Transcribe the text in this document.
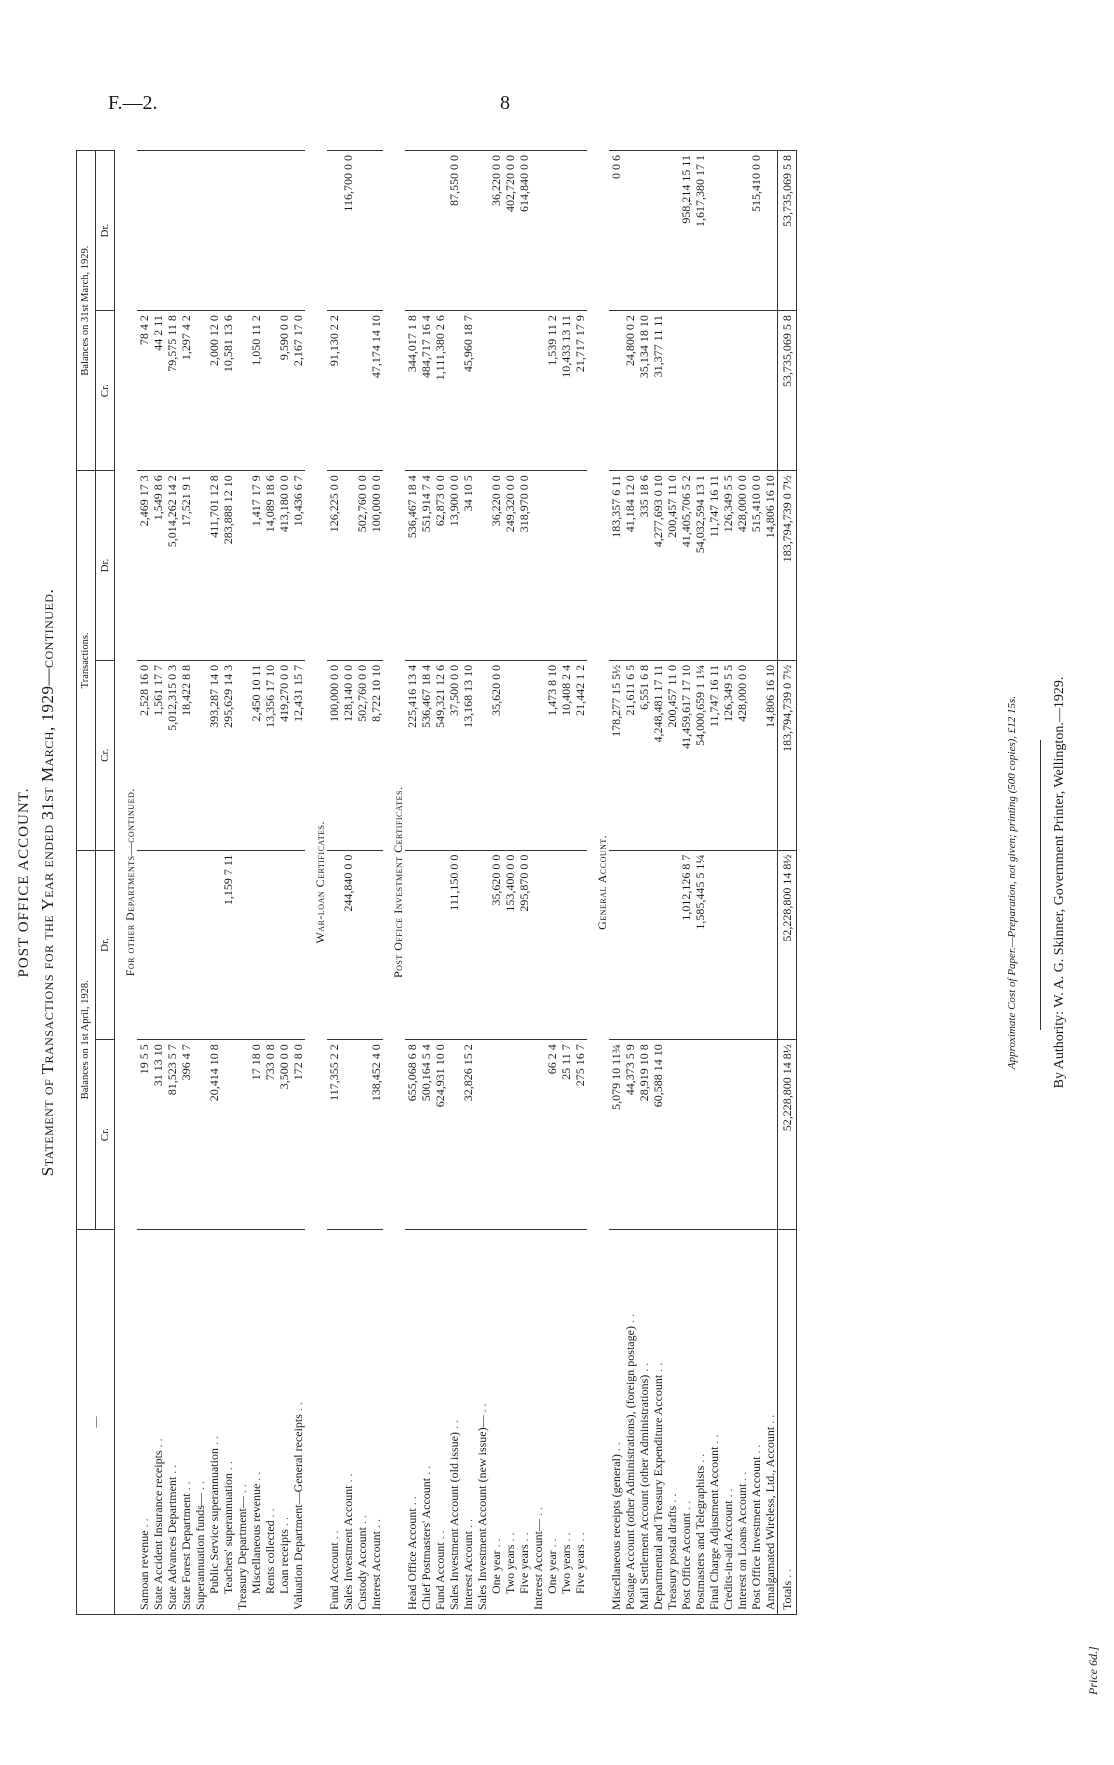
F.—2.	8
POST OFFICE ACCOUNT. Statement of Transactions for the Year ended 31st March, 1929—continued.
—	Balances on 1st April, 1928.		Transactions.		Balances on 31st March, 1929.	
	Cr.	Dr.	Cr.	Dr.	Cr.	Dr.
For other Departments—continued.						
Samoan revenue . .	19 5 5		2,528 16 0	2,469 17 3	78 4 2	
State Accident Insurance receipts . .	31 13 10		1,561 17 7	1,549 8 6	44 2 11	
State Advances Department . .	81,523 5 7		5,012,315 0 3	5,014,262 14 2	79,575 11 8	
State Forest Department . .	396 4 7		18,422 8 8	17,521 9 1	1,297 4 2	
Superannuation funds— . .						
Public Service superannuation . .	20,414 10 8		393,287 14 0	411,701 12 8	2,000 12 0	
Teachers' superannuation . .		1,159 7 11	295,629 14 3	283,888 12 10	10,581 13 6	
Treasury Department— . .						
Miscellaneous revenue . .	17 18 0		2,450 10 11	1,417 17 9	1,050 11 2	
Rents collected . .	733 0 8		13,356 17 10	14,089 18 6		
Loan receipts . .	3,500 0 0		419,270 0 0	413,180 0 0	9,590 0 0	
Valuation Department—General receipts . .	172 8 0		12,431 15 7	10,436 6 7	2,167 17 0	
War-loan Certificates.						
Fund Account . .	117,355 2 2		100,000 0 0	126,225 0 0	91,130 2 2	
Sales Investment Account . .		244,840 0 0	128,140 0 0			116,700 0 0
Custody Account . .			502,760 0 0	502,760 0 0		
Interest Account . .	138,452 4 0		8,722 10 10	100,000 0 0	47,174 14 10	
Post Office Investment Certificates.						
Head Office Account . .	655,068 6 8		225,416 13 4	536,467 18 4	344,017 1 8	
Chief Postmasters' Account . .	500,164 5 4		536,467 18 4	551,914 7 4	484,717 16 4	
Fund Account . .	624,931 10 0		549,321 12 6	62,873 0 0	1,111,380 2 6	
Sales Investment Account (old issue) . .		111,150 0 0	37,500 0 0	13,900 0 0		87,550 0 0
Interest Account . .	32,826 15 2		13,168 13 10	34 10 5	45,960 18 7	
Sales Investment Account (new issue)— . .						
One year . .		35,620 0 0	35,620 0 0	36,220 0 0		36,220 0 0
Two years . .		153,400 0 0		249,320 0 0		402,720 0 0
Five years . .		295,870 0 0		318,970 0 0		614,840 0 0
Interest Account— . .						
One year . .	66 2 4		1,473 8 10		1,539 11 2	
Two years . .	25 11 7		10,408 2 4		10,433 13 11	
Five years . .	275 16 7		21,442 1 2		21,717 17 9	
General Account.						
Miscellaneous receipts (general) . .	5,079 10 11¾		178,277 15 5½	183,357 6 11		0 0 6
Postage Account (other Administrations), (foreign postage) . .	44,373 5 9		21,611 6 5	41,184 12 0	24,800 0 2	
Mail Settlement Account (other Administrations) . .	28,919 10 8		6,551 6 8	335 18 6	35,134 18 10	
Departmental and Treasury Expenditure Account . .	60,588 14 10		4,248,481 17 11	4,277,693 0 10	31,377 11 11	
Treasury postal drafts . .			200,457 11 0	200,457 11 0		
Post Office Account . .		1,012,126 8 7	41,459,617 17 10	41,405,706 5 2		958,214 15 11
Postmasters and Telegraphists . .		1,585,445 5 1¼	54,000,659 1 1¼	54,032,594 13 1		1,617,380 17 1
Final Charge Adjustment Account . .			11,747 16 11	11,747 16 11		
Credits-in-aid Account . .			126,349 5 5	126,349 5 5		
Interest on Loans Account . .			428,000 0 0	428,000 0 0		
Post Office Investment Account . .				515,410 0 0		515,410 0 0
Amalgamated Wireless, Ltd., Account . .			14,806 16 10	14,806 16 10		
Totals . .	52,228,800 14 8½	52,228,800 14 8½	183,794,739 0 7½	183,794,739 0 7½	53,735,069 5 8	53,735,069 5 8
Approximate Cost of Paper.—Preparation, not given; printing (500 copies), £12 15s. By Authority: W. A. G. Skinner, Government Printer, Wellington.—1929.
Price 6d.]
